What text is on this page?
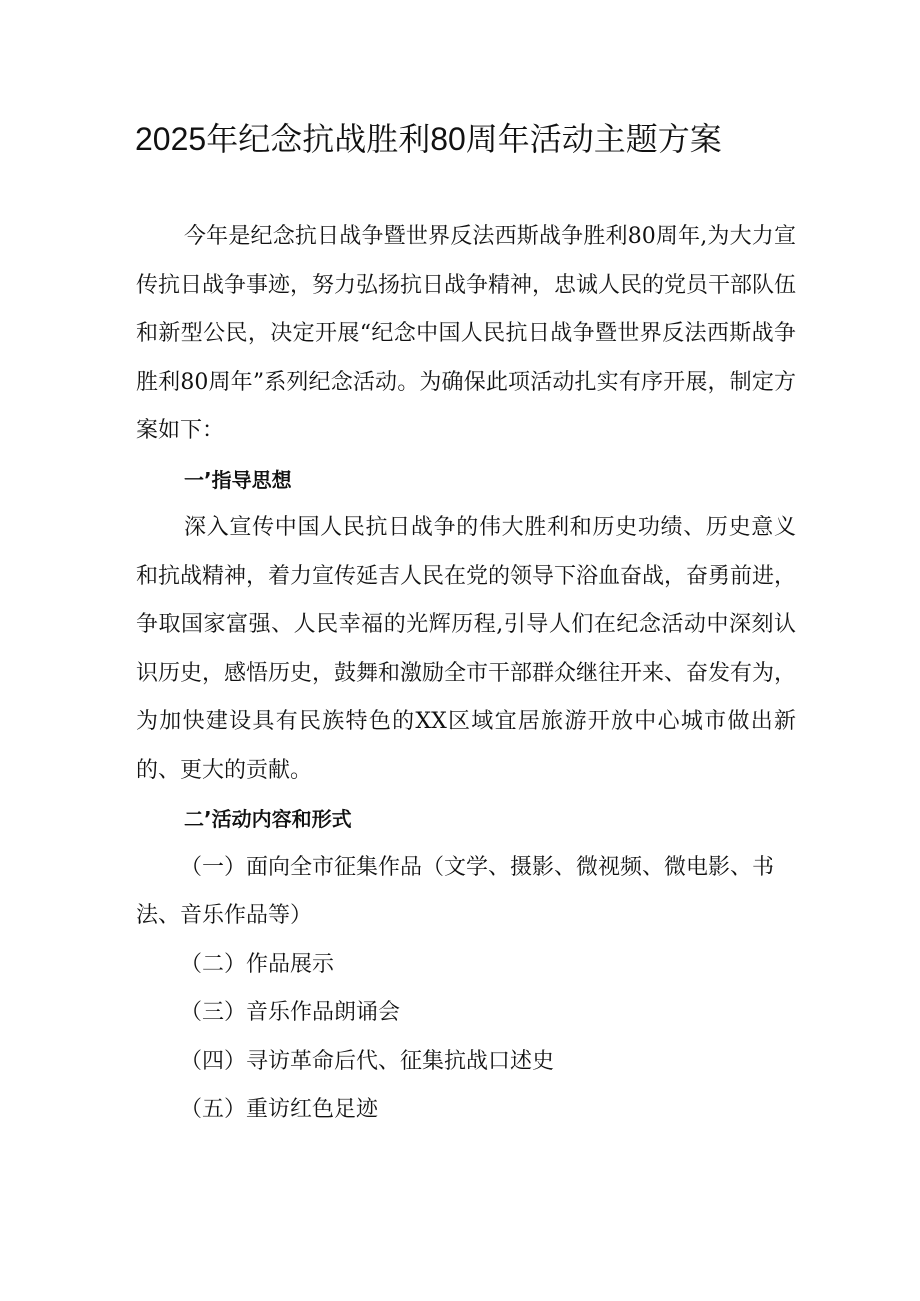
2025年纪念抗战胜利80周年活动主题方案

今年是纪念抗日战争暨世界反法西斯战争胜利80周年,为大力宣传抗日战争事迹，努力弘扬抗日战争精神，忠诚人民的党员干部队伍和新型公民，决定开展“纪念中国人民抗日战争暨世界反法西斯战争胜利80周年”系列纪念活动。为确保此项活动扎实有序开展，制定方案如下：

一’指导思想

深入宣传中国人民抗日战争的伟大胜利和历史功绩、历史意义和抗战精神，着力宣传延吉人民在党的领导下浴血奋战，奋勇前进，争取国家富强、人民幸福的光辉历程,引导人们在纪念活动中深刻认识历史，感悟历史，鼓舞和激励全市干部群众继往开来、奋发有为，为加快建设具有民族特色的XX区域宜居旅游开放中心城市做出新的、更大的贡献。

二’活动内容和形式

（一）面向全市征集作品（文学、摄影、微视频、微电影、书法、音乐作品等）

（二）作品展示

（三）音乐作品朗诵会

（四）寻访革命后代、征集抗战口述史

（五）重访红色足迹
